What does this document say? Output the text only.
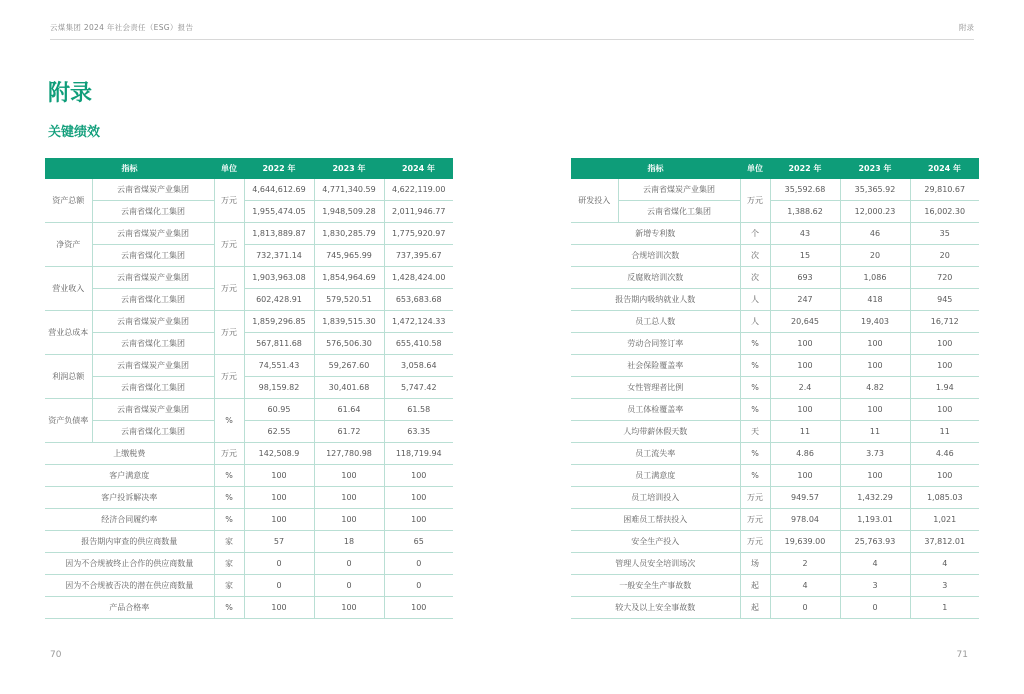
云煤集团 2024 年社会责任（ESG）报告	附录
附录
关键绩效
指标		单位	2022 年	2023 年	2024 年
资产总额	云南省煤炭产业集团	万元	4,644,612.69	4,771,340.59	4,622,119.00
	云南省煤化工集团		1,955,474.05	1,948,509.28	2,011,946.77
净资产	云南省煤炭产业集团	万元	1,813,889.87	1,830,285.79	1,775,920.97
	云南省煤化工集团		732,371.14	745,965.99	737,395.67
营业收入	云南省煤炭产业集团	万元	1,903,963.08	1,854,964.69	1,428,424.00
	云南省煤化工集团		602,428.91	579,520.51	653,683.68
营业总成本	云南省煤炭产业集团	万元	1,859,296.85	1,839,515.30	1,472,124.33
	云南省煤化工集团		567,811.68	576,506.30	655,410.58
利润总额	云南省煤炭产业集团	万元	74,551.43	59,267.60	3,058.64
	云南省煤化工集团		98,159.82	30,401.68	5,747.42
资产负债率	云南省煤炭产业集团	%	60.95	61.64	61.58
	云南省煤化工集团		62.55	61.72	63.35
上缴税费		万元	142,508.9	127,780.98	118,719.94
客户满意度		%	100	100	100
客户投诉解决率		%	100	100	100
经济合同履约率		%	100	100	100
报告期内审查的供应商数量		家	57	18	65
因为不合规被终止合作的供应商数量		家	0	0	0
因为不合规被否决的潜在供应商数量		家	0	0	0
产品合格率		%	100	100	100
指标		单位	2022 年	2023 年	2024 年
研发投入	云南省煤炭产业集团	万元	35,592.68	35,365.92	29,810.67
	云南省煤化工集团		1,388.62	12,000.23	16,002.30
新增专利数		个	43	46	35
合规培训次数		次	15	20	20
反腐败培训次数		次	693	1,086	720
报告期内吸纳就业人数		人	247	418	945
员工总人数		人	20,645	19,403	16,712
劳动合同签订率		%	100	100	100
社会保险覆盖率		%	100	100	100
女性管理者比例		%	2.4	4.82	1.94
员工体检覆盖率		%	100	100	100
人均带薪休假天数		天	11	11	11
员工流失率		%	4.86	3.73	4.46
员工满意度		%	100	100	100
员工培训投入		万元	949.57	1,432.29	1,085.03
困难员工帮扶投入		万元	978.04	1,193.01	1,021
安全生产投入		万元	19,639.00	25,763.93	37,812.01
管理人员安全培训场次		场	2	4	4
一般安全生产事故数		起	4	3	3
较大及以上安全事故数		起	0	0	1
70	71
